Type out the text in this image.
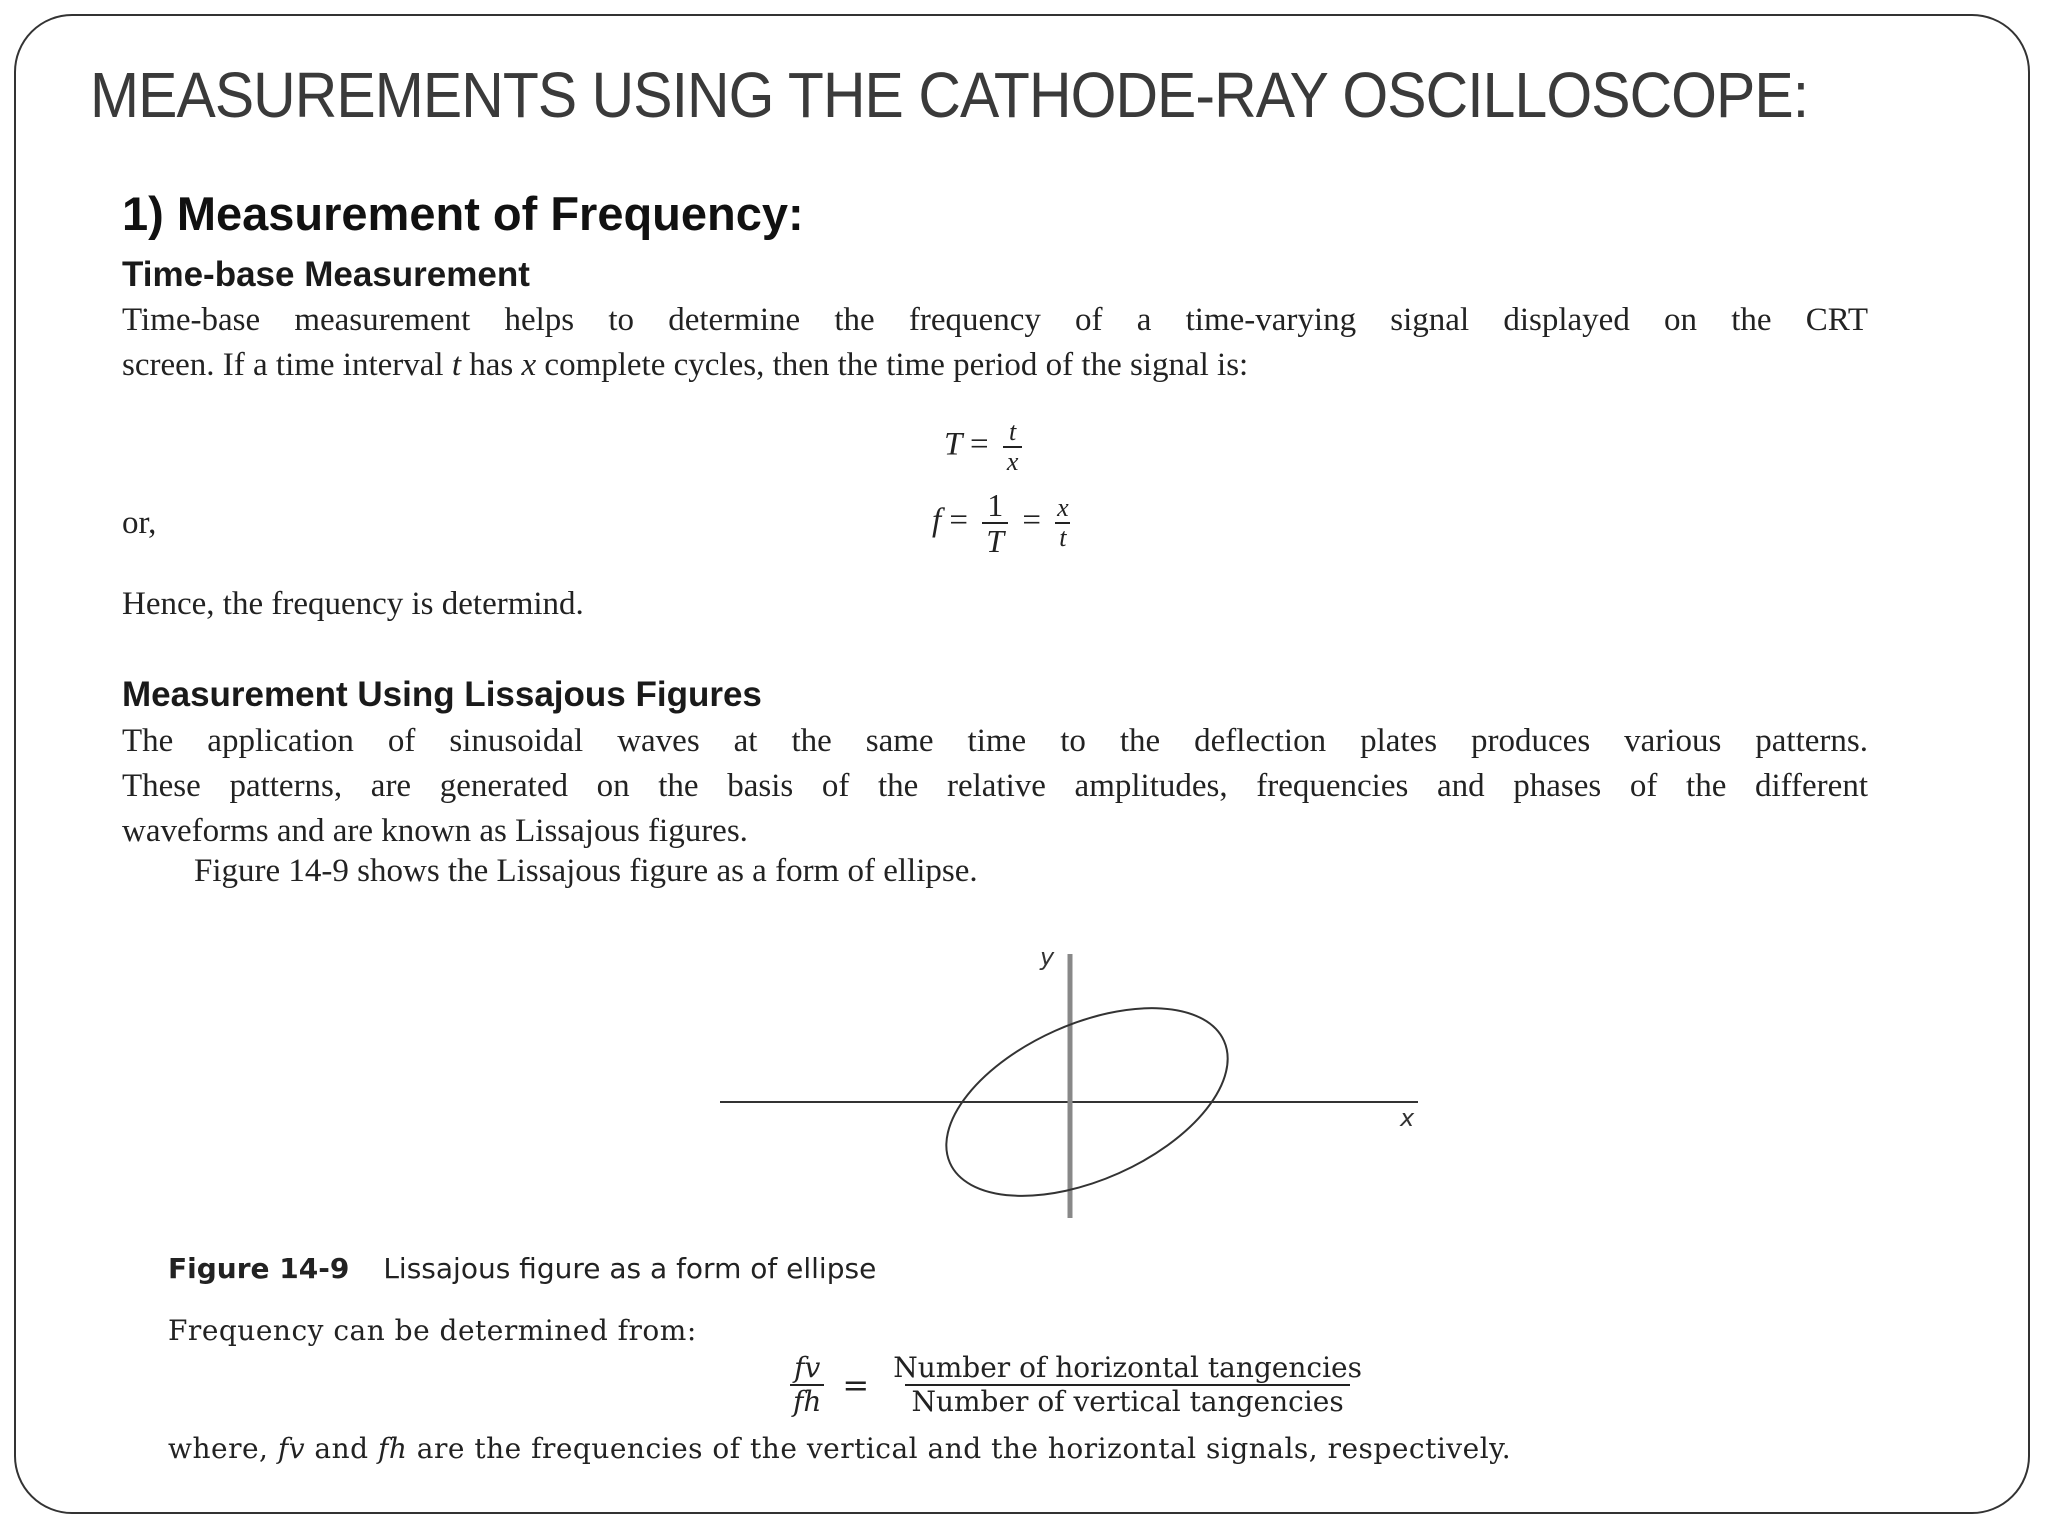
MEASUREMENTS USING THE CATHODE-RAY OSCILLOSCOPE:
1) Measurement of Frequency:
Time-base Measurement
Time-base measurement helps to determine the frequency of a time-varying signal displayed on the CRT
screen. If a time interval t has x complete cycles, then the time period of the signal is:
$T = \frac{t}{x}$
or,	$f = \frac{1}{T} = \frac{x}{t}$
Hence, the frequency is determind.
Measurement Using Lissajous Figures
The application of sinusoidal waves at the same time to the deflection plates produces various patterns.
These patterns, are generated on the basis of the relative amplitudes, frequencies and phases of the different
waveforms and are known as Lissajous figures.
Figure 14-9 shows the Lissajous figure as a form of ellipse.
y
x
Figure 14-9 Lissajous figure as a form of ellipse
Frequency can be determined from:
$\frac{fv}{fh}$ = Number of horizontal tangencies
Number of vertical tangencies
where, fv and fh are the frequencies of the vertical and the horizontal signals, respectively.
